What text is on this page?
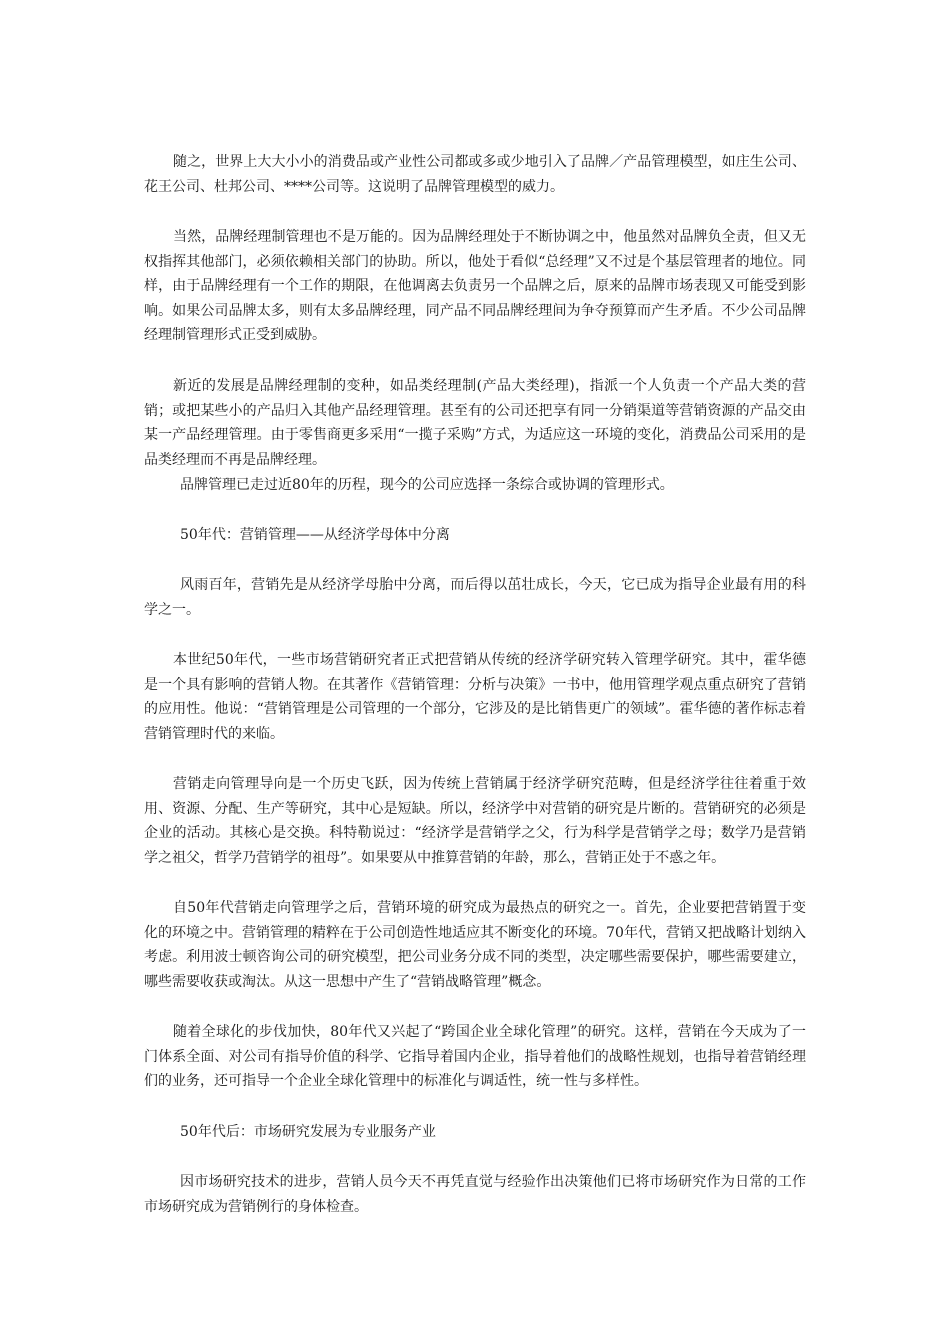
随之，世界上大大小小的消费品或产业性公司都或多或少地引入了品牌／产品管理模型，如庄生公司、花王公司、杜邦公司、****公司等。这说明了品牌管理模型的威力。

当然，品牌经理制管理也不是万能的。因为品牌经理处于不断协调之中，他虽然对品牌负全责，但又无权指挥其他部门，必须依赖相关部门的协助。所以，他处于看似“总经理”又不过是个基层管理者的地位。同样，由于品牌经理有一个工作的期限，在他调离去负责另一个品牌之后，原来的品牌市场表现又可能受到影响。如果公司品牌太多，则有太多品牌经理，同产品不同品牌经理间为争夺预算而产生矛盾。不少公司品牌经理制管理形式正受到威胁。

新近的发展是品牌经理制的变种，如品类经理制(产品大类经理)，指派一个人负责一个产品大类的营销；或把某些小的产品归入其他产品经理管理。甚至有的公司还把享有同一分销渠道等营销资源的产品交由某一产品经理管理。由于零售商更多采用“一揽子采购”方式，为适应这一环境的变化，消费品公司采用的是品类经理而不再是品牌经理。

品牌管理已走过近80年的历程，现今的公司应选择一条综合或协调的管理形式。

50年代：营销管理——从经济学母体中分离

风雨百年，营销先是从经济学母胎中分离，而后得以茁壮成长，今天，它已成为指导企业最有用的科学之一。

本世纪50年代，一些市场营销研究者正式把营销从传统的经济学研究转入管理学研究。其中，霍华德是一个具有影响的营销人物。在其著作《营销管理：分析与决策》一书中，他用管理学观点重点研究了营销的应用性。他说：“营销管理是公司管理的一个部分，它涉及的是比销售更广的领域”。霍华德的著作标志着营销管理时代的来临。

营销走向管理导向是一个历史飞跃，因为传统上营销属于经济学研究范畴，但是经济学往往着重于效用、资源、分配、生产等研究，其中心是短缺。所以，经济学中对营销的研究是片断的。营销研究的必须是企业的活动。其核心是交换。科特勒说过：“经济学是营销学之父，行为科学是营销学之母；数学乃是营销学之祖父，哲学乃营销学的祖母”。如果要从中推算营销的年龄，那么，营销正处于不惑之年。

自50年代营销走向管理学之后，营销环境的研究成为最热点的研究之一。首先，企业要把营销置于变化的环境之中。营销管理的精粹在于公司创造性地适应其不断变化的环境。70年代，营销又把战略计划纳入考虑。利用波士顿咨询公司的研究模型，把公司业务分成不同的类型，决定哪些需要保护，哪些需要建立，哪些需要收获或淘汰。从这一思想中产生了“营销战略管理”概念。

随着全球化的步伐加快，80年代又兴起了“跨国企业全球化管理”的研究。这样，营销在今天成为了一门体系全面、对公司有指导价值的科学、它指导着国内企业，指导着他们的战略性规划，也指导着营销经理们的业务，还可指导一个企业全球化管理中的标准化与调适性，统一性与多样性。

50年代后：市场研究发展为专业服务产业

因市场研究技术的进步，营销人员今天不再凭直觉与经验作出决策他们已将市场研究作为日常的工作市场研究成为营销例行的身体检查。
